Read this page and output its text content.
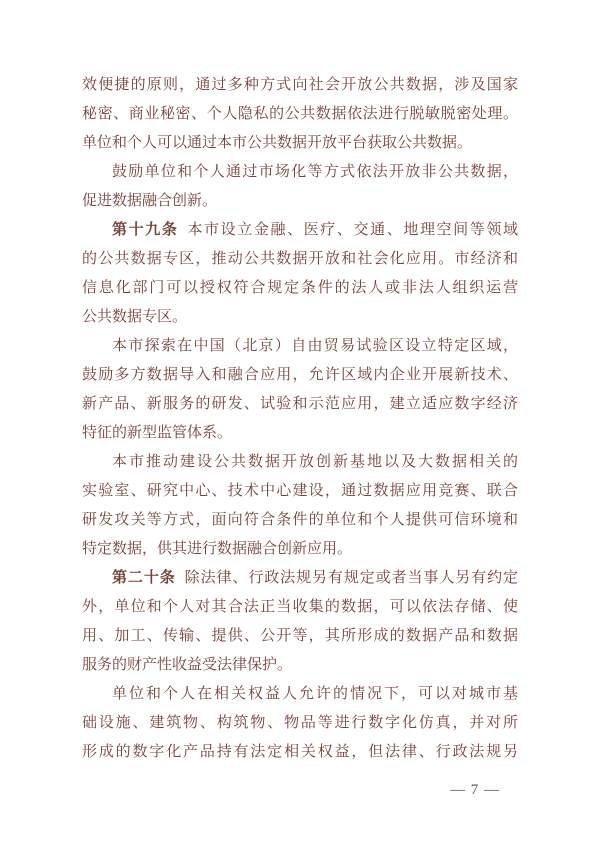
效便捷的原则，通过多种方式向社会开放公共数据，涉及国家
秘密、商业秘密、个人隐私的公共数据依法进行脱敏脱密处理。
单位和个人可以通过本市公共数据开放平台获取公共数据。
鼓励单位和个人通过市场化等方式依法开放非公共数据，
促进数据融合创新。
第十九条 本市设立金融、医疗、交通、地理空间等领域
的公共数据专区，推动公共数据开放和社会化应用。市经济和
信息化部门可以授权符合规定条件的法人或非法人组织运营
公共数据专区。
本市探索在中国（北京）自由贸易试验区设立特定区域，
鼓励多方数据导入和融合应用，允许区域内企业开展新技术、
新产品、新服务的研发、试验和示范应用，建立适应数字经济
特征的新型监管体系。
本市推动建设公共数据开放创新基地以及大数据相关的
实验室、研究中心、技术中心建设，通过数据应用竞赛、联合
研发攻关等方式，面向符合条件的单位和个人提供可信环境和
特定数据，供其进行数据融合创新应用。
第二十条 除法律、行政法规另有规定或者当事人另有约定
外，单位和个人对其合法正当收集的数据，可以依法存储、使
用、加工、传输、提供、公开等，其所形成的数据产品和数据
服务的财产性收益受法律保护。
单位和个人在相关权益人允许的情况下，可以对城市基
础设施、建筑物、构筑物、物品等进行数字化仿真，并对所
形成的数字化产品持有法定相关权益，但法律、行政法规另
— 7 —
